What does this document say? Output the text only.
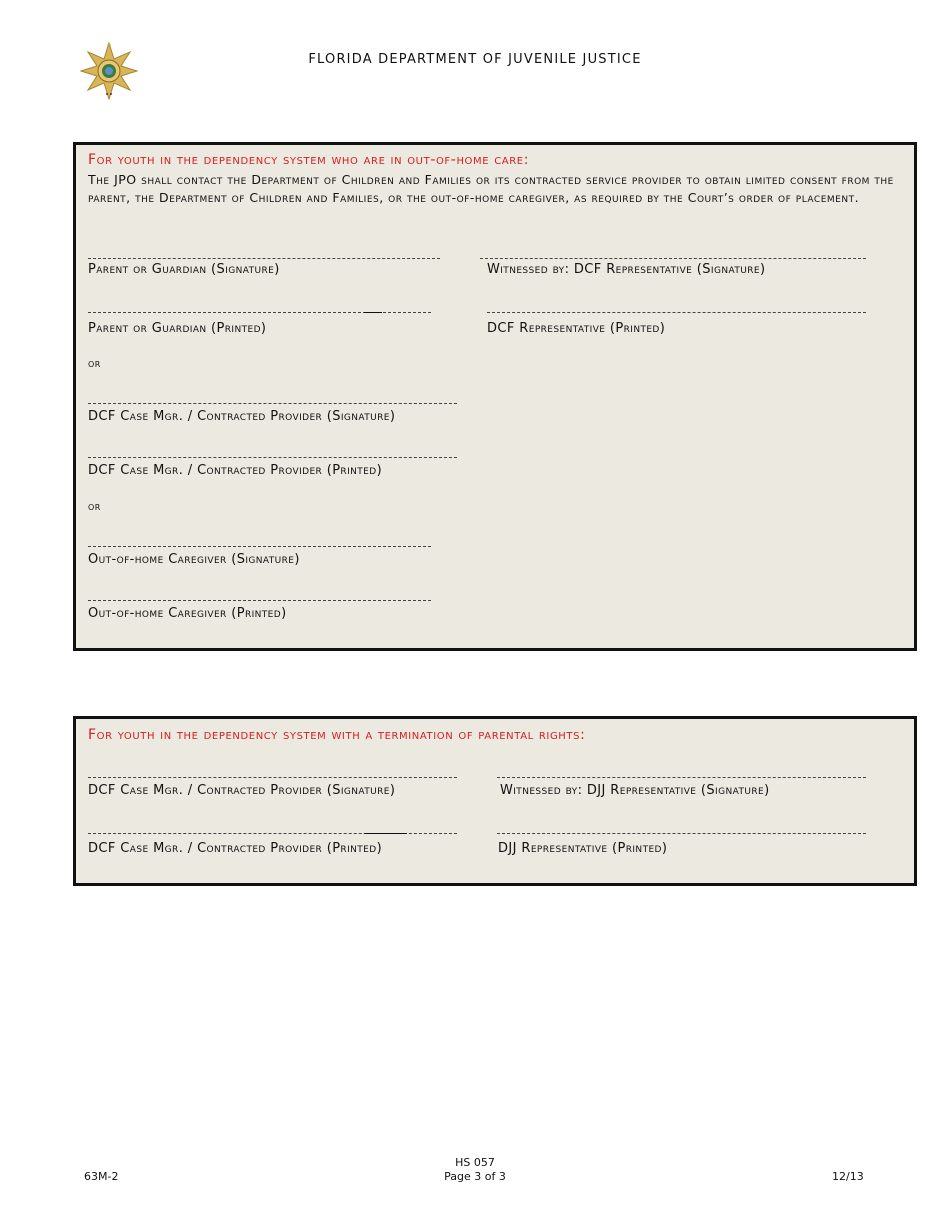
FLORIDA DEPARTMENT OF JUVENILE JUSTICE
For youth in the dependency system who are in out-of-home care:
The JPO shall contact the Department of Children and Families or its contracted service provider to obtain limited consent from the parent, the Department of Children and Families, or the out-of-home caregiver, as required by the Court’s order of placement.
Parent or Guardian (Signature)	Witnessed by: DCF Representative (Signature)
Parent or Guardian (Printed)	DCF Representative (Printed)
or
DCF Case Mgr. / Contracted Provider (Signature)
DCF Case Mgr. / Contracted Provider (Printed)
or
Out-of-home Caregiver (Signature)
Out-of-home Caregiver (Printed)
For youth in the dependency system with a termination of parental rights:
DCF Case Mgr. / Contracted Provider (Signature)	Witnessed by: DJJ Representative (Signature)
DCF Case Mgr. / Contracted Provider (Printed)	DJJ Representative (Printed)
63M-2
HS 057
Page 3 of 3	12/13
